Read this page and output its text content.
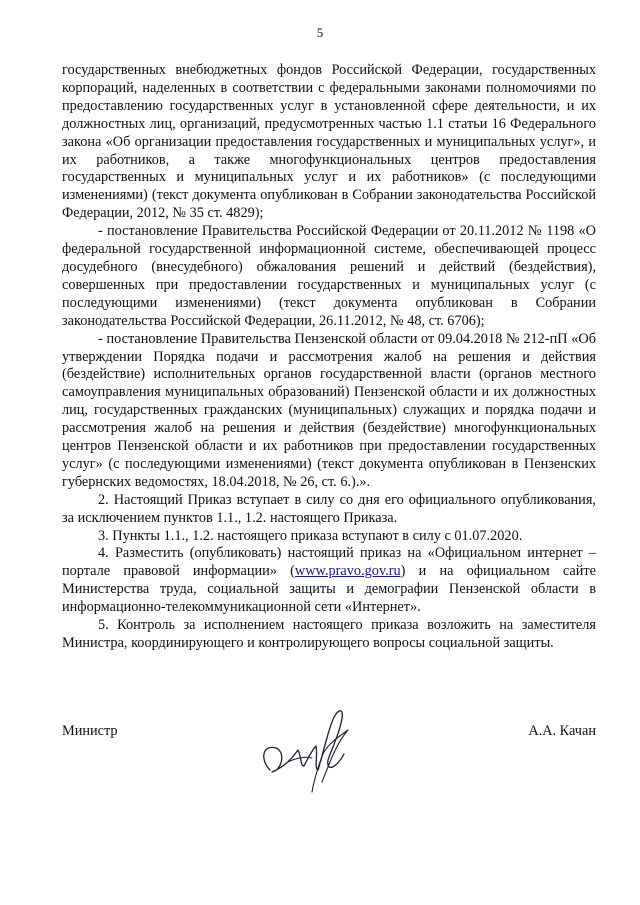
5

государственных внебюджетных фондов Российской Федерации, государственных корпораций, наделенных в соответствии с федеральными законами полномочиями по предоставлению государственных услуг в установленной сфере деятельности, и их должностных лиц, организаций, предусмотренных частью 1.1 статьи 16 Федерального закона «Об организации предоставления государственных и муниципальных услуг», и их работников, а также многофункциональных центров предоставления государственных и муниципальных услуг и их работников» (с последующими изменениями) (текст документа опубликован в Собрании законодательства Российской Федерации, 2012, № 35 ст. 4829);

- постановление Правительства Российской Федерации от 20.11.2012 № 1198 «О федеральной государственной информационной системе, обеспечивающей процесс досудебного (внесудебного) обжалования решений и действий (бездействия), совершенных при предоставлении государственных и муниципальных услуг (с последующими изменениями) (текст документа опубликован в Собрании законодательства Российской Федерации, 26.11.2012, № 48, ст. 6706);

- постановление Правительства Пензенской области от 09.04.2018 № 212-пП «Об утверждении Порядка подачи и рассмотрения жалоб на решения и действия (бездействие) исполнительных органов государственной власти (органов местного самоуправления муниципальных образований) Пензенской области и их должностных лиц, государственных гражданских (муниципальных) служащих и порядка подачи и рассмотрения жалоб на решения и действия (бездействие) многофункциональных центров Пензенской области и их работников при предоставлении государственных услуг» (с последующими изменениями) (текст документа опубликован в Пензенских губернских ведомостях, 18.04.2018, № 26, ст. 6.).».

2. Настоящий Приказ вступает в силу со дня его официального опубликования, за исключением пунктов 1.1., 1.2. настоящего Приказа.

3. Пункты 1.1., 1.2. настоящего приказа вступают в силу с 01.07.2020.

4. Разместить (опубликовать) настоящий приказ на «Официальном интернет – портале правовой информации» (www.pravo.gov.ru) и на официальном сайте Министерства труда, социальной защиты и демографии Пензенской области в информационно-телекоммуникационной сети «Интернет».

5. Контроль за исполнением настоящего приказа возложить на заместителя Министра, координирующего и контролирующего вопросы социальной защиты.

Министр	А.А. Качан
